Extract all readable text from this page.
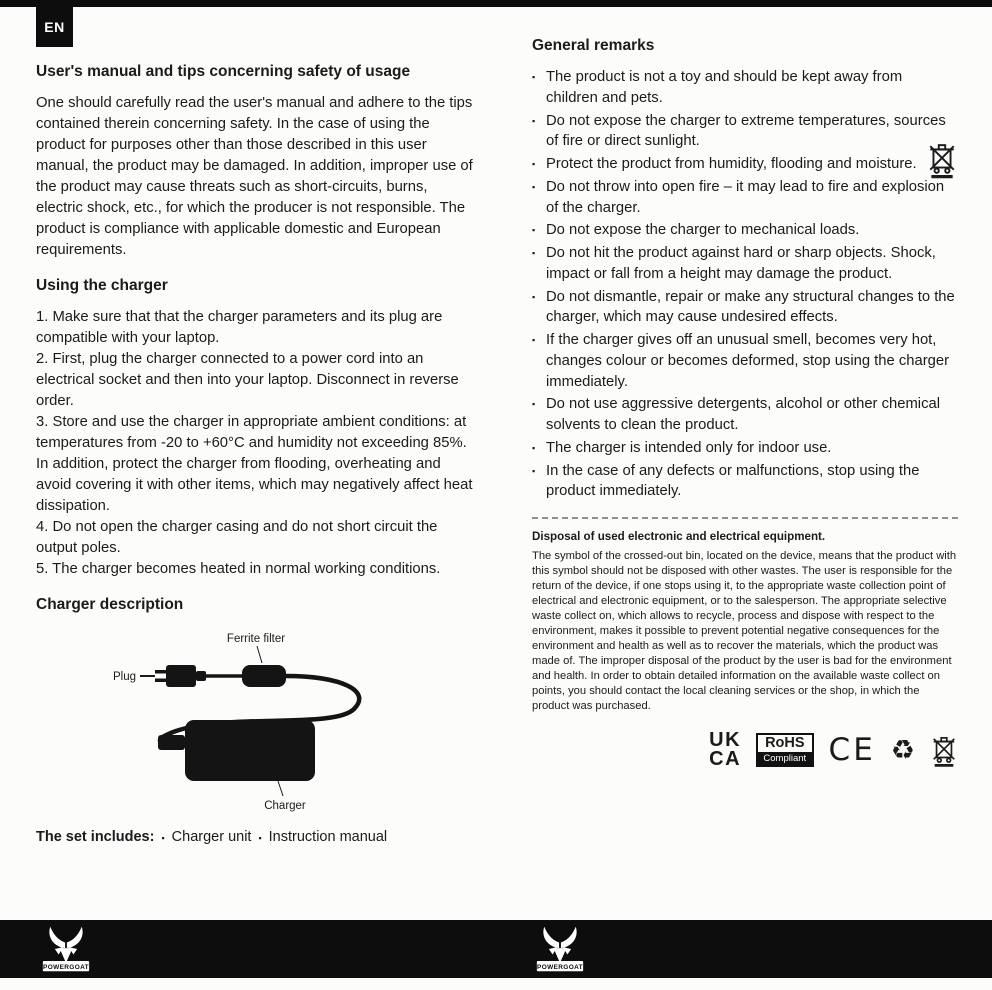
EN
User's manual and tips concerning safety of usage

One should carefully read the user's manual and adhere to the tips contained therein concerning safety. In the case of using the product for purposes other than those described in this user manual, the product may be damaged. In addition, improper use of the product may cause threats such as short-circuits, burns, electric shock, etc., for which the producer is not responsible. The product is compliance with applicable domestic and European requirements.

Using the charger

1. Make sure that that the charger parameters and its plug are compatible with your laptop.

2. First, plug the charger connected to a power cord into an electrical socket and then into your laptop. Disconnect in reverse order.

3. Store and use the charger in appropriate ambient conditions: at temperatures from -20 to +60°C and humidity not exceeding 85%. In addition, protect the charger from flooding, overheating and avoid covering it with other items, which may negatively affect heat dissipation.

4. Do not open the charger casing and do not short circuit the output poles.

5. The charger becomes heated in normal working conditions.

Charger description
Ferrite filter
Plug
Charger
The set includes: ▪ Charger unit ▪ Instruction manual
General remarks
▪ The product is not a toy and should be kept away from children and pets.
▪ Do not expose the charger to extreme temperatures, sources of fire or direct sunlight.
▪ Protect the product from humidity, flooding and moisture.
▪ Do not throw into open fire – it may lead to fire and explosion of the charger.
▪ Do not expose the charger to mechanical loads.
▪ Do not hit the product against hard or sharp objects. Shock, impact or fall from a height may damage the product.
▪ Do not dismantle, repair or make any structural changes to the charger, which may cause undesired effects.
▪ If the charger gives off an unusual smell, becomes very hot, changes colour or becomes deformed, stop using the charger immediately.
▪ Do not use aggressive detergents, alcohol or other chemical solvents to clean the product.
▪ The charger is intended only for indoor use.
▪ In the case of any defects or malfunctions, stop using the product immediately.
Disposal of used electronic and electrical equipment.

The symbol of the crossed-out bin, located on the device, means that the product with this symbol should not be disposed with other wastes. The user is responsible for the return of the device, if one stops using it, to the appropriate waste collection point of electrical and electronic equipment, or to the salesperson. The appropriate selective waste collect on, which allows to recycle, process and dispose with respect to the environment, makes it possible to prevent potential negative consequences for the environment and health as well as to recover the materials, which the product was made of. The improper disposal of the product by the user is bad for the environment and health. In order to obtain detailed information on the available waste collect on points, you should contact the local cleaning services or the shop, in which the product was purchased.

UK
CA
RoHS
Compliant CE ♻
POWERGOAT	POWERGOAT
